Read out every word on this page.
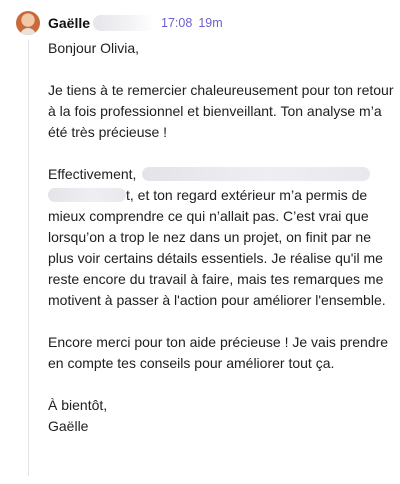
Gaëlle	17:08 19m

Bonjour Olivia,

Je tiens à te remercier chaleureusement pour ton retour à la fois professionnel et bienveillant. Ton analyse m’a été très précieuse !

Effectivement,
t, et ton regard extérieur m’a permis de mieux comprendre ce qui n’allait pas. C’est vrai que lorsqu’on a trop le nez dans un projet, on finit par ne plus voir certains détails essentiels. Je réalise qu'il me reste encore du travail à faire, mais tes remarques me motivent à passer à l'action pour améliorer l'ensemble.

Encore merci pour ton aide précieuse ! Je vais prendre en compte tes conseils pour améliorer tout ça.

À bientôt,

Gaëlle
